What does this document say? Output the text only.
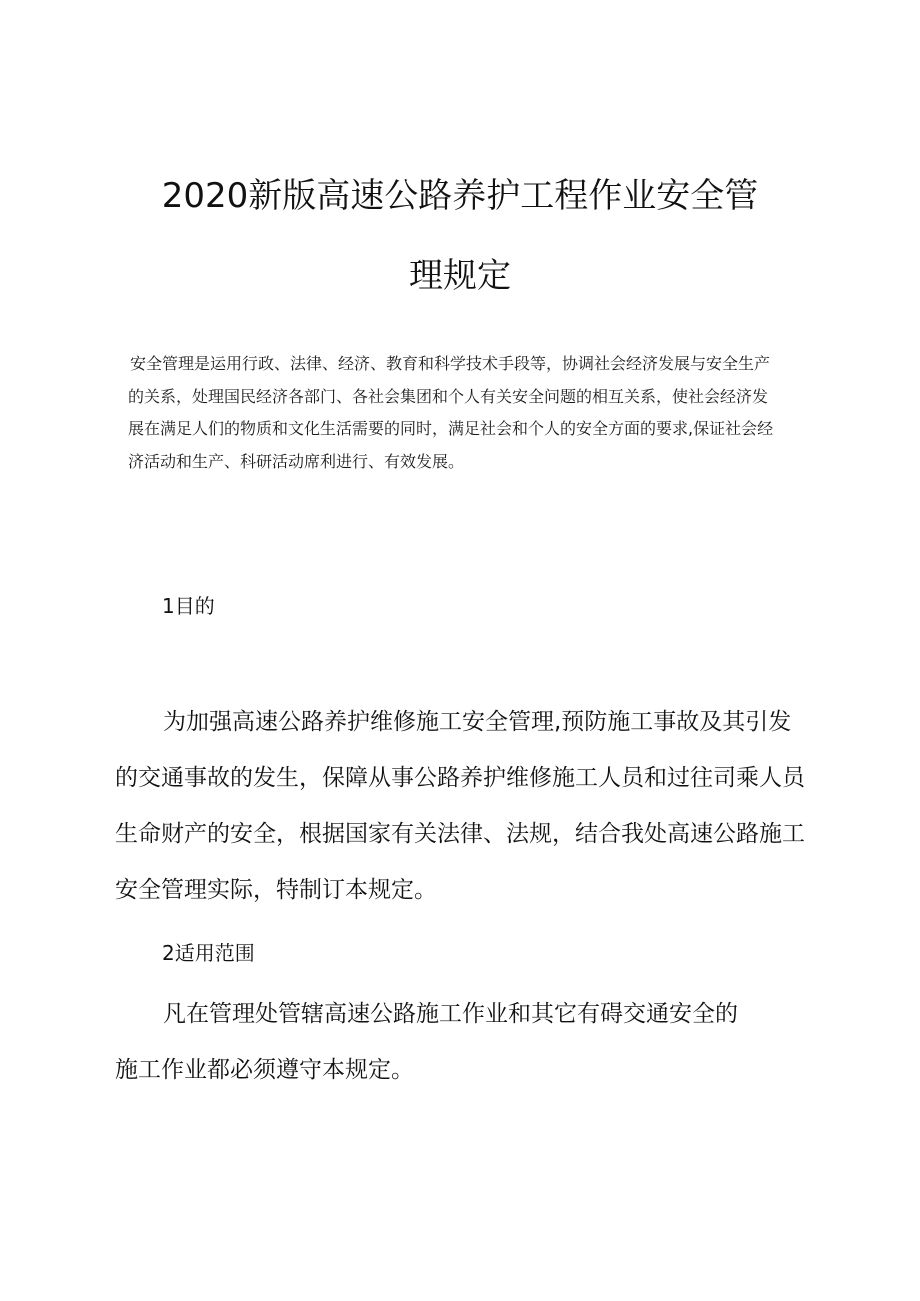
2020新版高速公路养护工程作业安全管
理规定
安全管理是运用行政、法律、经济、教育和科学技术手段等，协调社会经济发展与安全生产
的关系，处理国民经济各部门、各社会集团和个人有关安全问题的相互关系，使社会经济发
展在满足人们的物质和文化生活需要的同时，满足社会和个人的安全方面的要求,保证社会经
济活动和生产、科研活动席利进行、有效发展。
1目的
为加强高速公路养护维修施工安全管理,预防施工事故及其引发
的交通事故的发生，保障从事公路养护维修施工人员和过往司乘人员
生命财产的安全，根据国家有关法律、法规，结合我处高速公路施工
安全管理实际，特制订本规定。
2适用范围
凡在管理处管辖高速公路施工作业和其它有碍交通安全的
施工作业都必须遵守本规定。
